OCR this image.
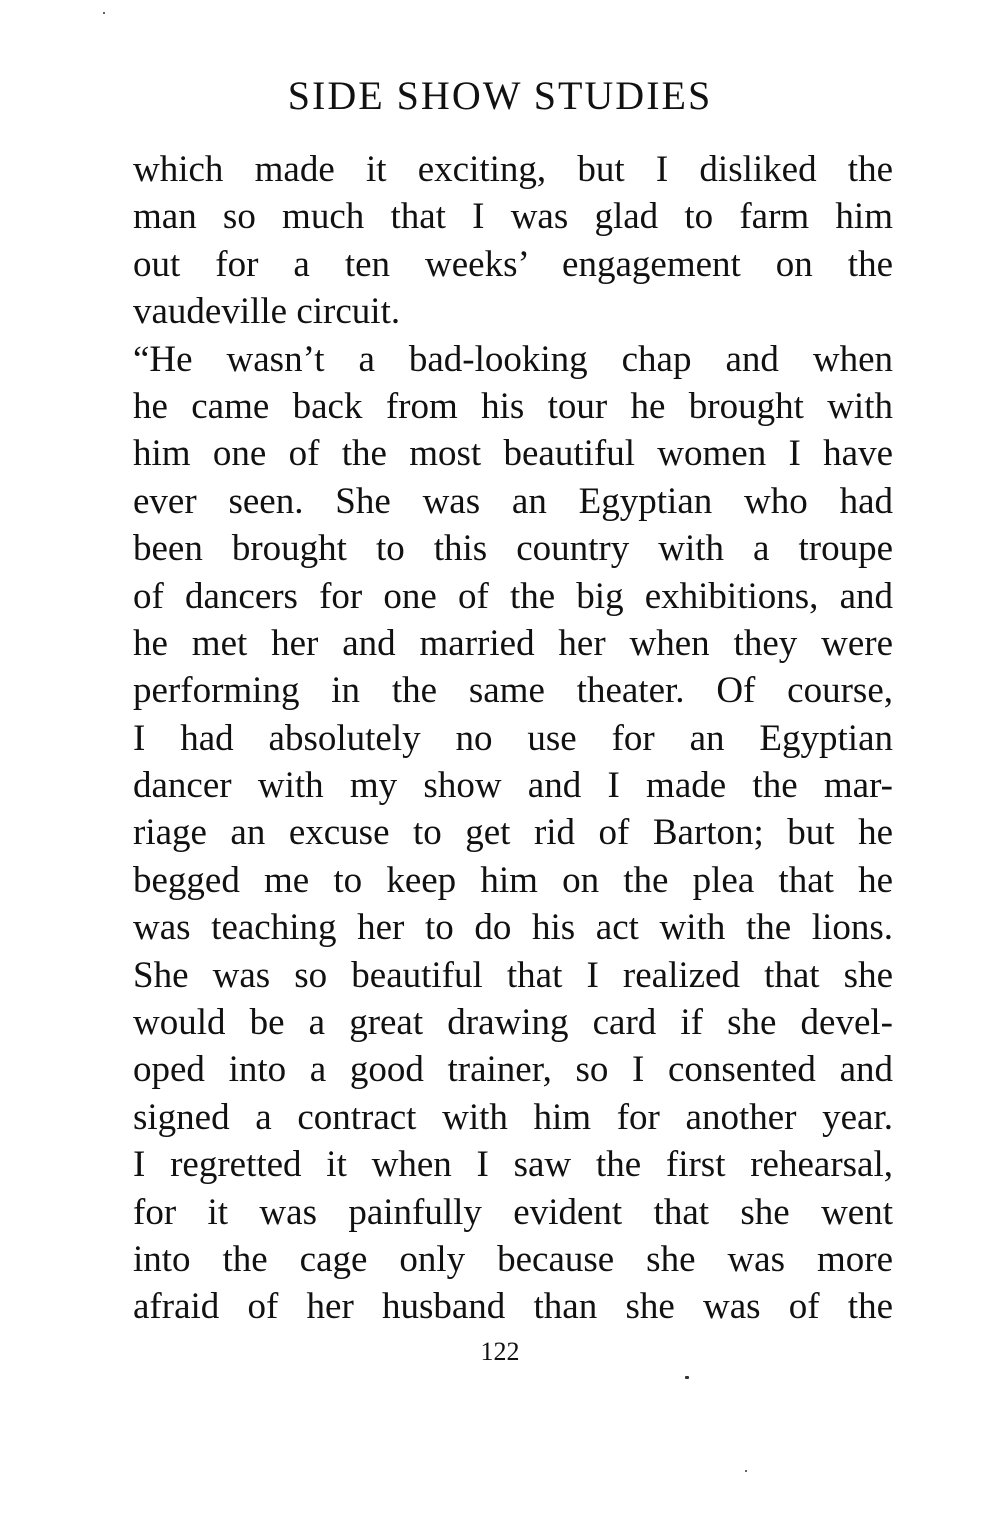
SIDE SHOW STUDIES
which made it exciting, but I disliked the
man so much that I was glad to farm him
out for a ten weeks’ engagement on the
vaudeville circuit.
“He wasn’t a bad-looking chap and when
he came back from his tour he brought with
him one of the most beautiful women I have
ever seen. She was an Egyptian who had
been brought to this country with a troupe
of dancers for one of the big exhibitions, and
he met her and married her when they were
performing in the same theater. Of course,
I had absolutely no use for an Egyptian
dancer with my show and I made the mar-
riage an excuse to get rid of Barton; but he
begged me to keep him on the plea that he
was teaching her to do his act with the lions.
She was so beautiful that I realized that she
would be a great drawing card if she devel-
oped into a good trainer, so I consented and
signed a contract with him for another year.
I regretted it when I saw the first rehearsal,
for it was painfully evident that she went
into the cage only because she was more
afraid of her husband than she was of the
122
